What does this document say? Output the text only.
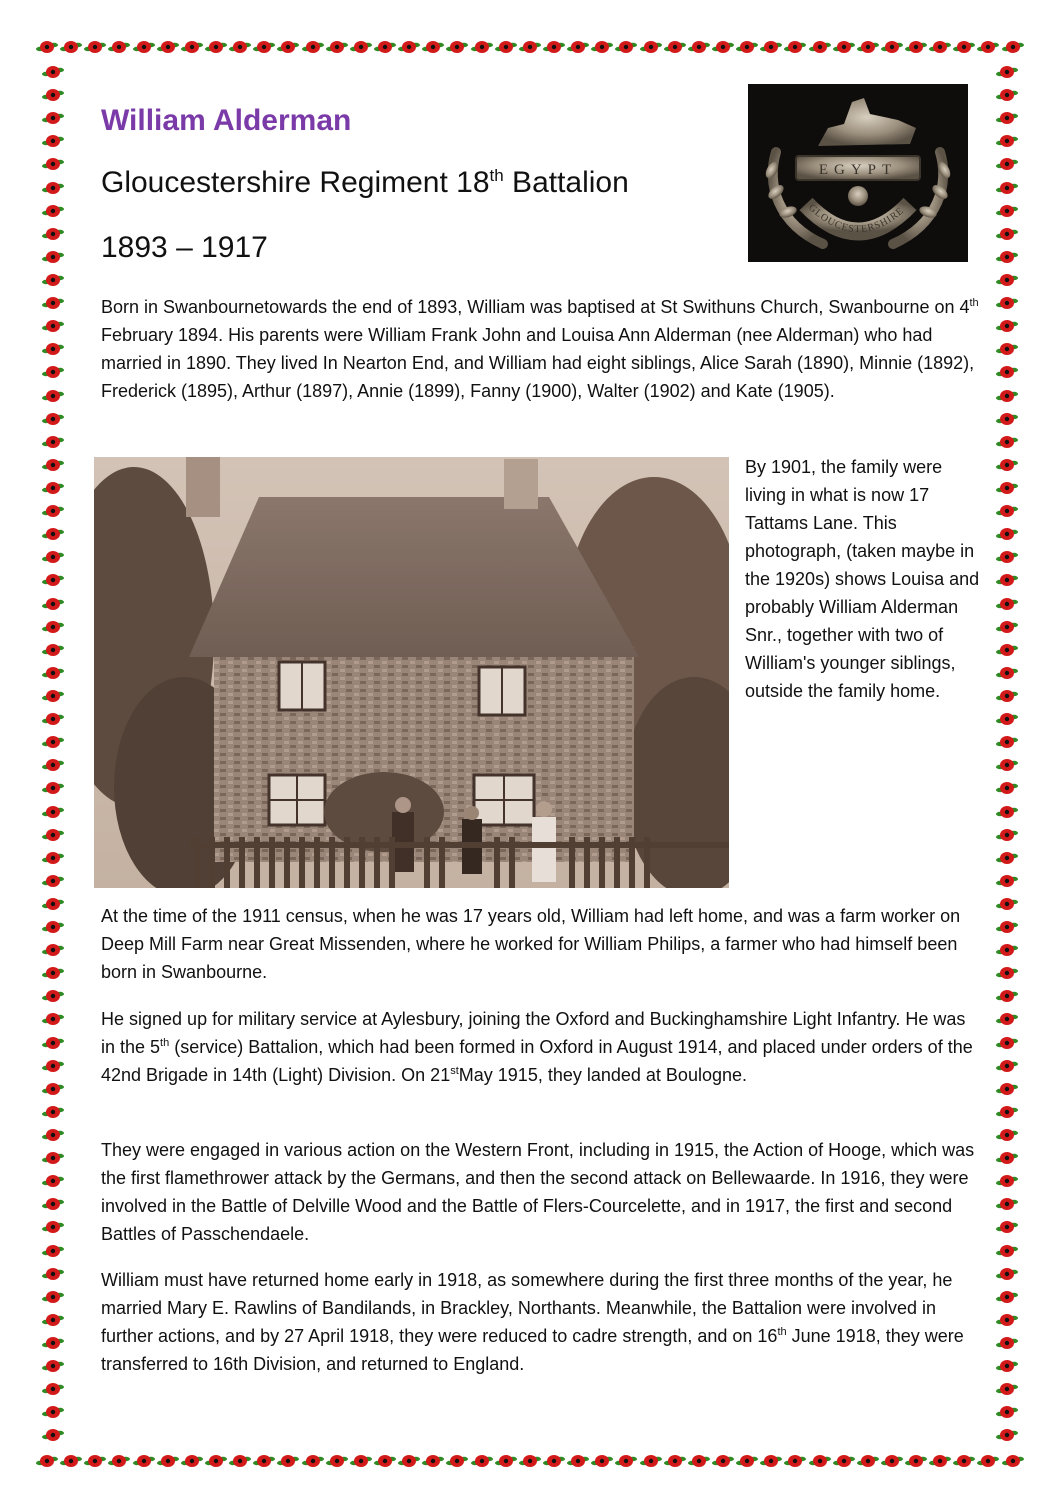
William Alderman
Gloucestershire Regiment 18th Battalion
1893 – 1917
EGYPT
GLOUCESTERSHIRE

Born in Swanbournetowards the end of 1893, William was baptised at St Swithuns Church, Swanbourne on 4th February 1894. His parents were William Frank John and Louisa Ann Alderman (nee Alderman) who had married in 1890. They lived In Nearton End, and William had eight siblings, Alice Sarah (1890), Minnie (1892), Frederick (1895), Arthur (1897), Annie (1899), Fanny (1900), Walter (1902) and Kate (1905).

By 1901, the family were living in what is now 17 Tattams Lane. This photograph, (taken maybe in the 1920s) shows Louisa and probably William Alderman Snr., together with two of William's younger siblings, outside the family home.

At the time of the 1911 census, when he was 17 years old, William had left home, and was a farm worker on Deep Mill Farm near Great Missenden, where he worked for William Philips, a farmer who had himself been born in Swanbourne.

He signed up for military service at Aylesbury, joining the Oxford and Buckinghamshire Light Infantry. He was in the 5th (service) Battalion, which had been formed in Oxford in August 1914, and placed under orders of the 42nd Brigade in 14th (Light) Division. On 21stMay 1915, they landed at Boulogne.

They were engaged in various action on the Western Front, including in 1915, the Action of Hooge, which was the first flamethrower attack by the Germans, and then the second attack on Bellewaarde. In 1916, they were involved in the Battle of Delville Wood and the Battle of Flers-Courcelette, and in 1917, the first and second Battles of Passchendaele.

William must have returned home early in 1918, as somewhere during the first three months of the year, he married Mary E. Rawlins of Bandilands, in Brackley, Northants. Meanwhile, the Battalion were involved in further actions, and by 27 April 1918, they were reduced to cadre strength, and on 16th June 1918, they were transferred to 16th Division, and returned to England.
